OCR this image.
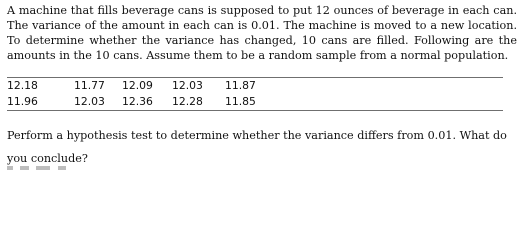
A machine that fills beverage cans is supposed to put 12 ounces of beverage in each can. The variance of the amount in each can is 0.01. The machine is moved to a new location. To determine whether the variance has changed, 10 cans are filled. Following are the amounts in the 10 cans. Assume them to be a random sample from a normal population.

12.18	11.77	12.09	12.03	11.87
11.96	12.03	12.36	12.28	11.85

Perform a hypothesis test to determine whether the variance differs from 0.01. What do you conclude?
